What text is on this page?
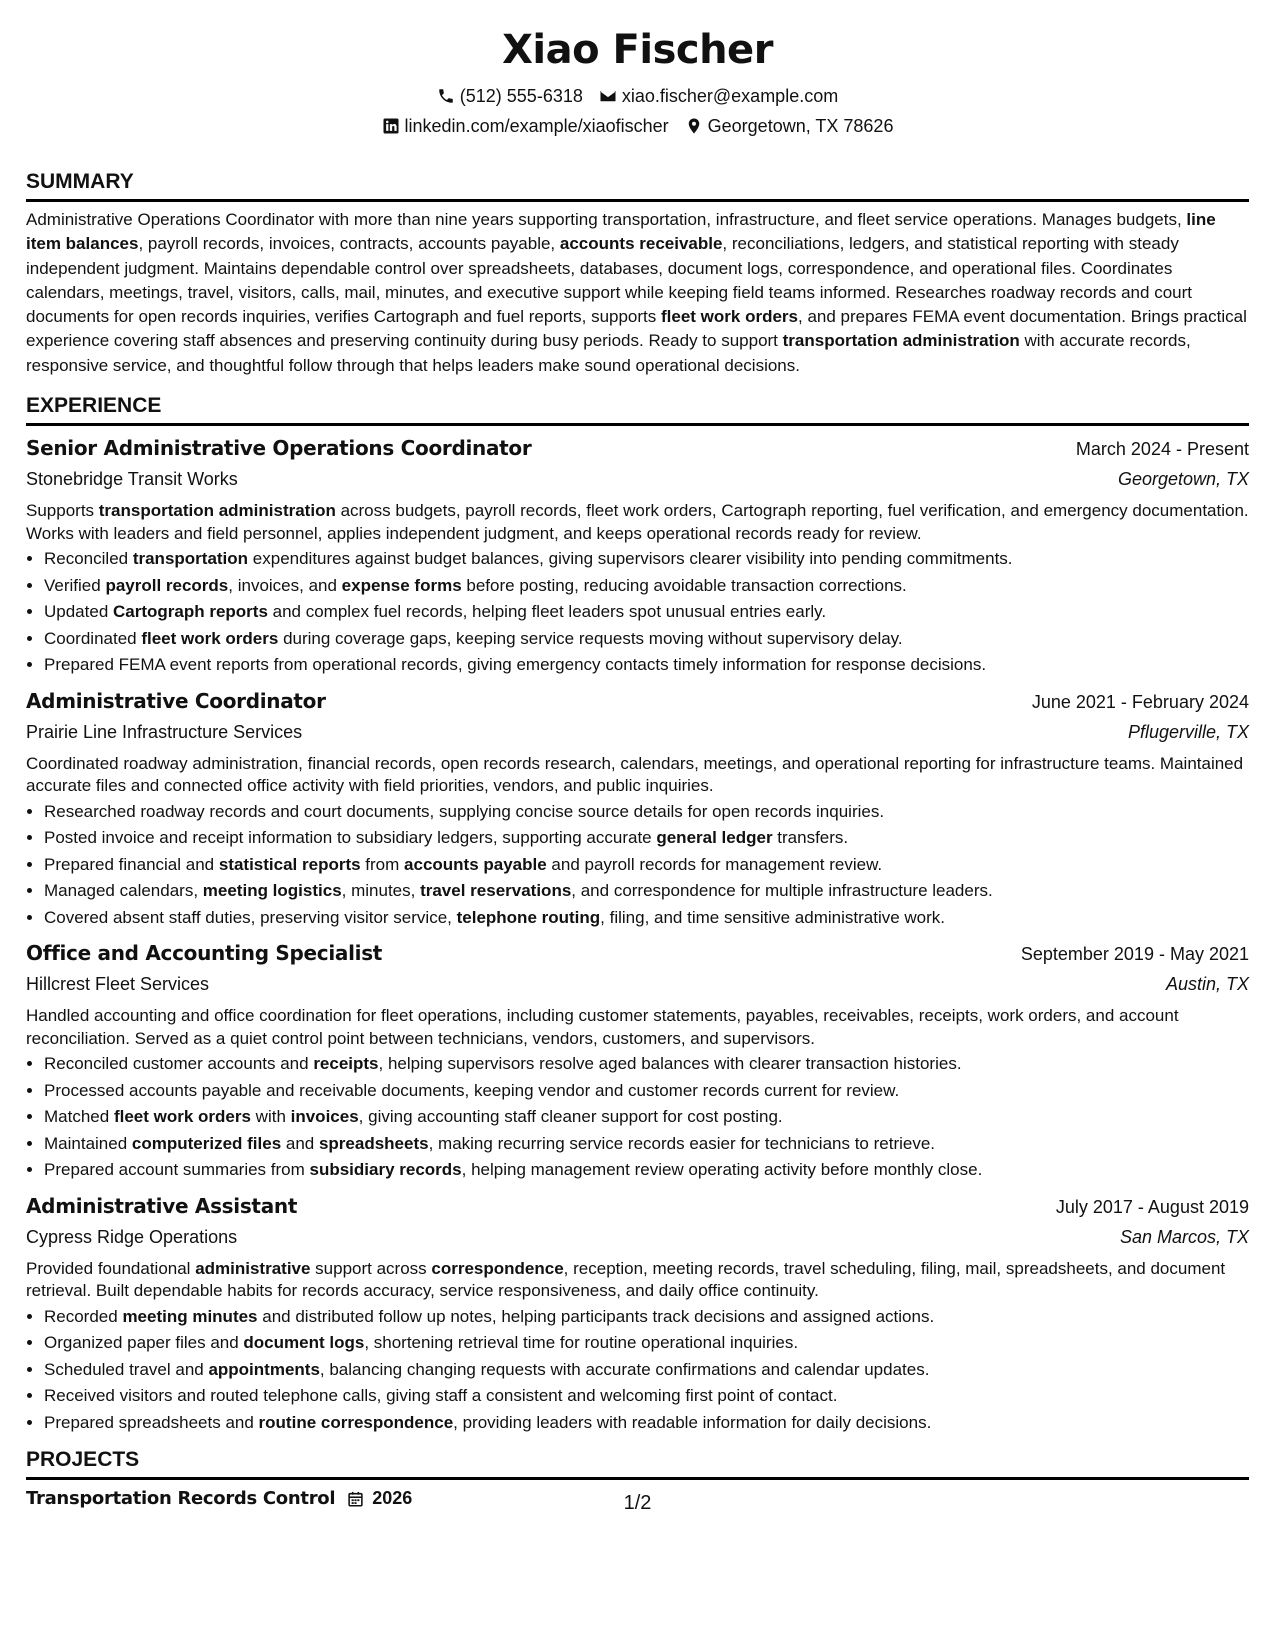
Xiao Fischer
(512) 555-6318 xiao.fischer@example.com
linkedin.com/example/xiaofischer Georgetown, TX 78626
SUMMARY

Administrative Operations Coordinator with more than nine years supporting transportation, infrastructure, and fleet service operations. Manages budgets, line item balances, payroll records, invoices, contracts, accounts payable, accounts receivable, reconciliations, ledgers, and statistical reporting with steady independent judgment. Maintains dependable control over spreadsheets, databases, document logs, correspondence, and operational files. Coordinates calendars, meetings, travel, visitors, calls, mail, minutes, and executive support while keeping field teams informed. Researches roadway records and court documents for open records inquiries, verifies Cartograph and fuel reports, supports fleet work orders, and prepares FEMA event documentation. Brings practical experience covering staff absences and preserving continuity during busy periods. Ready to support transportation administration with accurate records, responsive service, and thoughtful follow through that helps leaders make sound operational decisions.

EXPERIENCE
Senior Administrative Operations Coordinator	March 2024 - Present
Stonebridge Transit Works	Georgetown, TX
Supports transportation administration across budgets, payroll records, fleet work orders, Cartograph reporting, fuel verification, and emergency documentation. Works with leaders and field personnel, applies independent judgment, and keeps operational records ready for review.
• Reconciled transportation expenditures against budget balances, giving supervisors clearer visibility into pending commitments.
• Verified payroll records, invoices, and expense forms before posting, reducing avoidable transaction corrections.
• Updated Cartograph reports and complex fuel records, helping fleet leaders spot unusual entries early.
• Coordinated fleet work orders during coverage gaps, keeping service requests moving without supervisory delay.
• Prepared FEMA event reports from operational records, giving emergency contacts timely information for response decisions.
Administrative Coordinator	June 2021 - February 2024
Prairie Line Infrastructure Services	Pflugerville, TX
Coordinated roadway administration, financial records, open records research, calendars, meetings, and operational reporting for infrastructure teams. Maintained accurate files and connected office activity with field priorities, vendors, and public inquiries.
• Researched roadway records and court documents, supplying concise source details for open records inquiries.
• Posted invoice and receipt information to subsidiary ledgers, supporting accurate general ledger transfers.
• Prepared financial and statistical reports from accounts payable and payroll records for management review.
• Managed calendars, meeting logistics, minutes, travel reservations, and correspondence for multiple infrastructure leaders.
• Covered absent staff duties, preserving visitor service, telephone routing, filing, and time sensitive administrative work.
Office and Accounting Specialist	September 2019 - May 2021
Hillcrest Fleet Services	Austin, TX
Handled accounting and office coordination for fleet operations, including customer statements, payables, receivables, receipts, work orders, and account reconciliation. Served as a quiet control point between technicians, vendors, customers, and supervisors.
• Reconciled customer accounts and receipts, helping supervisors resolve aged balances with clearer transaction histories.
• Processed accounts payable and receivable documents, keeping vendor and customer records current for review.
• Matched fleet work orders with invoices, giving accounting staff cleaner support for cost posting.
• Maintained computerized files and spreadsheets, making recurring service records easier for technicians to retrieve.
• Prepared account summaries from subsidiary records, helping management review operating activity before monthly close.
Administrative Assistant	July 2017 - August 2019
Cypress Ridge Operations	San Marcos, TX
Provided foundational administrative support across correspondence, reception, meeting records, travel scheduling, filing, mail, spreadsheets, and document retrieval. Built dependable habits for records accuracy, service responsiveness, and daily office continuity.
• Recorded meeting minutes and distributed follow up notes, helping participants track decisions and assigned actions.
• Organized paper files and document logs, shortening retrieval time for routine operational inquiries.
• Scheduled travel and appointments, balancing changing requests with accurate confirmations and calendar updates.
• Received visitors and routed telephone calls, giving staff a consistent and welcoming first point of contact.
• Prepared spreadsheets and routine correspondence, providing leaders with readable information for daily decisions.
PROJECTS
Transportation Records Control 2026	1/2
